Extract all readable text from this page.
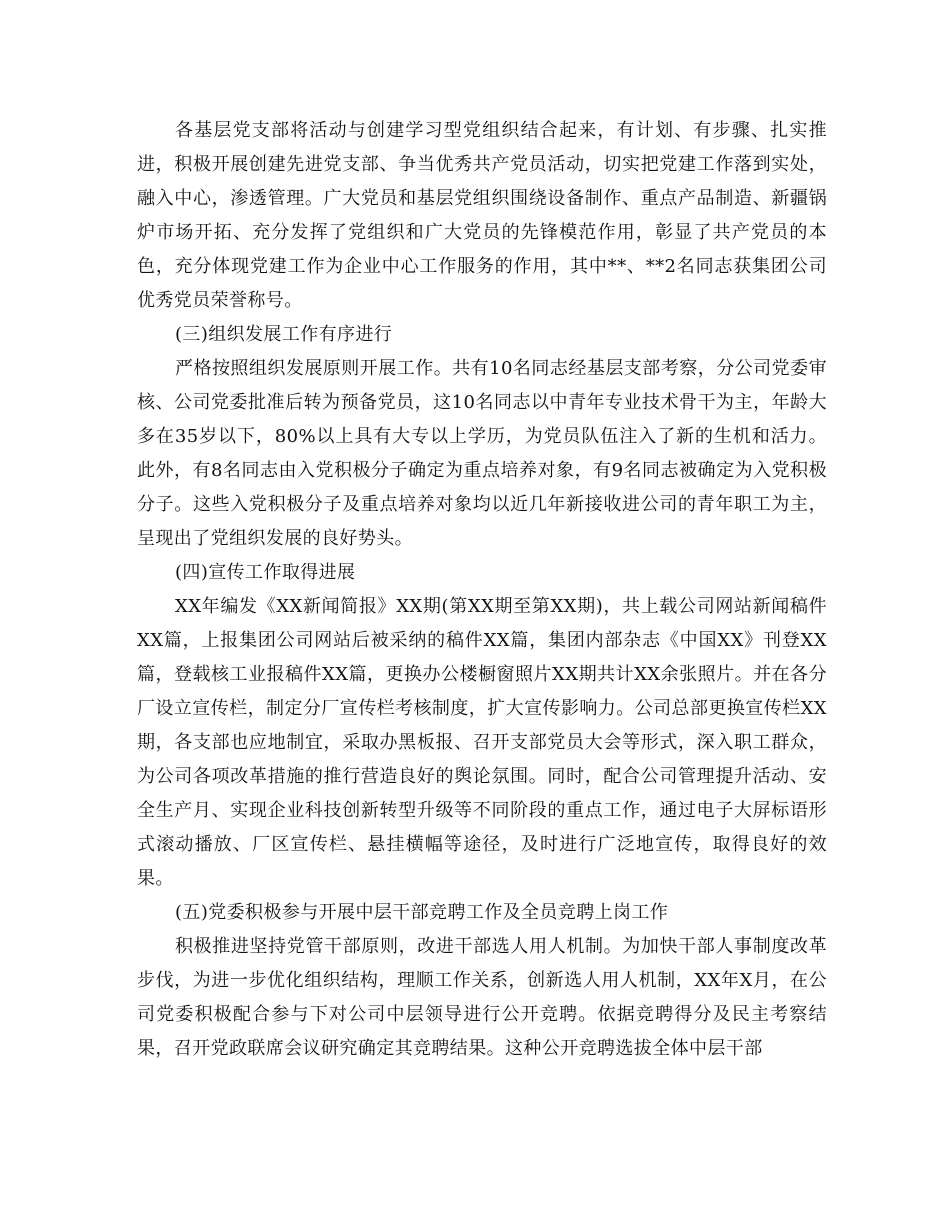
各基层党支部将活动与创建学习型党组织结合起来，有计划、有步骤、扎实推进，积极开展创建先进党支部、争当优秀共产党员活动，切实把党建工作落到实处，融入中心，渗透管理。广大党员和基层党组织围绕设备制作、重点产品制造、新疆锅炉市场开拓、充分发挥了党组织和广大党员的先锋模范作用，彰显了共产党员的本色，充分体现党建工作为企业中心工作服务的作用，其中**、**2名同志获集团公司优秀党员荣誉称号。

(三)组织发展工作有序进行

严格按照组织发展原则开展工作。共有10名同志经基层支部考察，分公司党委审核、公司党委批准后转为预备党员，这10名同志以中青年专业技术骨干为主，年龄大多在35岁以下，80%以上具有大专以上学历，为党员队伍注入了新的生机和活力。此外，有8名同志由入党积极分子确定为重点培养对象，有9名同志被确定为入党积极分子。这些入党积极分子及重点培养对象均以近几年新接收进公司的青年职工为主，呈现出了党组织发展的良好势头。

(四)宣传工作取得进展

XX年编发《XX新闻简报》XX期(第XX期至第XX期)，共上载公司网站新闻稿件XX篇，上报集团公司网站后被采纳的稿件XX篇，集团内部杂志《中国XX》刊登XX篇，登载核工业报稿件XX篇，更换办公楼橱窗照片XX期共计XX余张照片。并在各分厂设立宣传栏，制定分厂宣传栏考核制度，扩大宣传影响力。公司总部更换宣传栏XX期，各支部也应地制宜，采取办黑板报、召开支部党员大会等形式，深入职工群众，为公司各项改革措施的推行营造良好的舆论氛围。同时，配合公司管理提升活动、安全生产月、实现企业科技创新转型升级等不同阶段的重点工作，通过电子大屏标语形式滚动播放、厂区宣传栏、悬挂横幅等途径，及时进行广泛地宣传，取得良好的效果。

(五)党委积极参与开展中层干部竞聘工作及全员竞聘上岗工作

积极推进坚持党管干部原则，改进干部选人用人机制。为加快干部人事制度改革步伐，为进一步优化组织结构，理顺工作关系，创新选人用人机制，XX年X月，在公司党委积极配合参与下对公司中层领导进行公开竞聘。依据竞聘得分及民主考察结果，召开党政联席会议研究确定其竞聘结果。这种公开竞聘选拔全体中层干部
